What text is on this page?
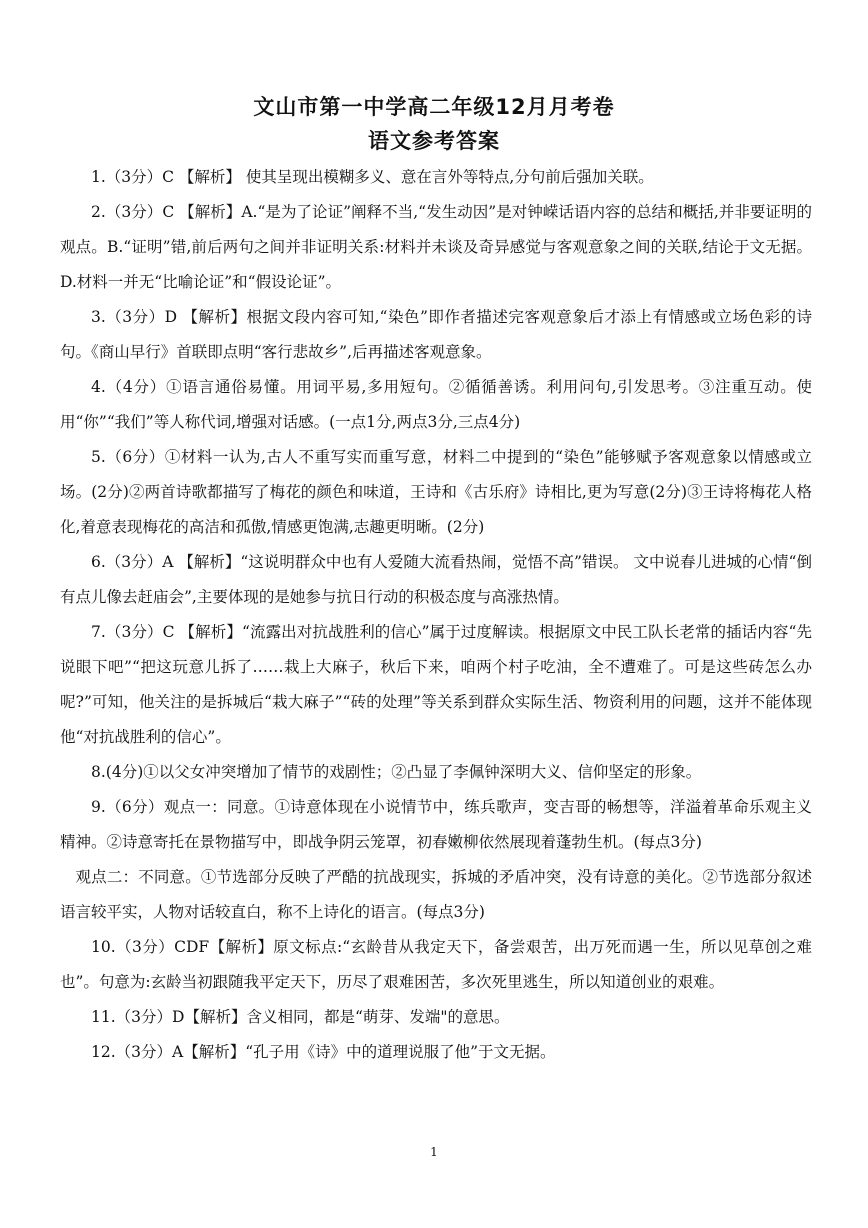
文山市第一中学高二年级12月月考卷
语文参考答案

1.（3分）C 【解析】 使其呈现出模糊多义、意在言外等特点,分句前后强加关联。

2.（3分）C 【解析】A.“是为了论证”阐释不当,“发生动因”是对钟嵘话语内容的总结和概括,并非要证明的观点。B.“证明”错,前后两句之间并非证明关系:材料并未谈及奇异感觉与客观意象之间的关联,结论于文无据。D.材料一并无“比喻论证”和“假设论证”。

3.（3分）D 【解析】根据文段内容可知,“染色”即作者描述完客观意象后才添上有情感或立场色彩的诗句。《商山早行》首联即点明“客行悲故乡”,后再描述客观意象。

4.（4分）①语言通俗易懂。用词平易,多用短句。②循循善诱。利用问句,引发思考。③注重互动。使用“你”“我们”等人称代词,增强对话感。(一点1分,两点3分,三点4分)

5.（6分）①材料一认为,古人不重写实而重写意，材料二中提到的“染色”能够赋予客观意象以情感或立场。(2分)②两首诗歌都描写了梅花的颜色和味道，王诗和《古乐府》诗相比,更为写意(2分)③王诗将梅花人格化,着意表现梅花的高洁和孤傲,情感更饱满,志趣更明晰。(2分)

6.（3分）A 【解析】“这说明群众中也有人爱随大流看热闹，觉悟不高”错误。 文中说春儿进城的心情“倒有点儿像去赶庙会”,主要体现的是她参与抗日行动的积极态度与高涨热情。

7.（3分）C 【解析】“流露出对抗战胜利的信心”属于过度解读。根据原文中民工队长老常的插话内容“先说眼下吧”“把这玩意儿拆了……栽上大麻子，秋后下来，咱两个村子吃油，全不遭难了。可是这些砖怎么办呢?”可知，他关注的是拆城后“栽大麻子”“砖的处理”等关系到群众实际生活、物资利用的问题，这并不能体现他“对抗战胜利的信心”。

8.(4分)①以父女冲突增加了情节的戏剧性；②凸显了李佩钟深明大义、信仰坚定的形象。

9.（6分）观点一：同意。①诗意体现在小说情节中，练兵歌声，变吉哥的畅想等，洋溢着革命乐观主义精神。②诗意寄托在景物描写中，即战争阴云笼罩，初春嫩柳依然展现着蓬勃生机。(每点3分)

观点二：不同意。①节选部分反映了严酷的抗战现实，拆城的矛盾冲突，没有诗意的美化。②节选部分叙述语言较平实，人物对话较直白，称不上诗化的语言。(每点3分)

10.（3分）CDF【解析】原文标点:“玄龄昔从我定天下，备尝艰苦，出万死而遇一生，所以见草创之难也”。句意为:玄龄当初跟随我平定天下，历尽了艰难困苦，多次死里逃生，所以知道创业的艰难。

11.（3分）D【解析】含义相同，都是“萌芽、发端"的意思。

12.（3分）A【解析】“孔子用《诗》中的道理说服了他”于文无据。

1
